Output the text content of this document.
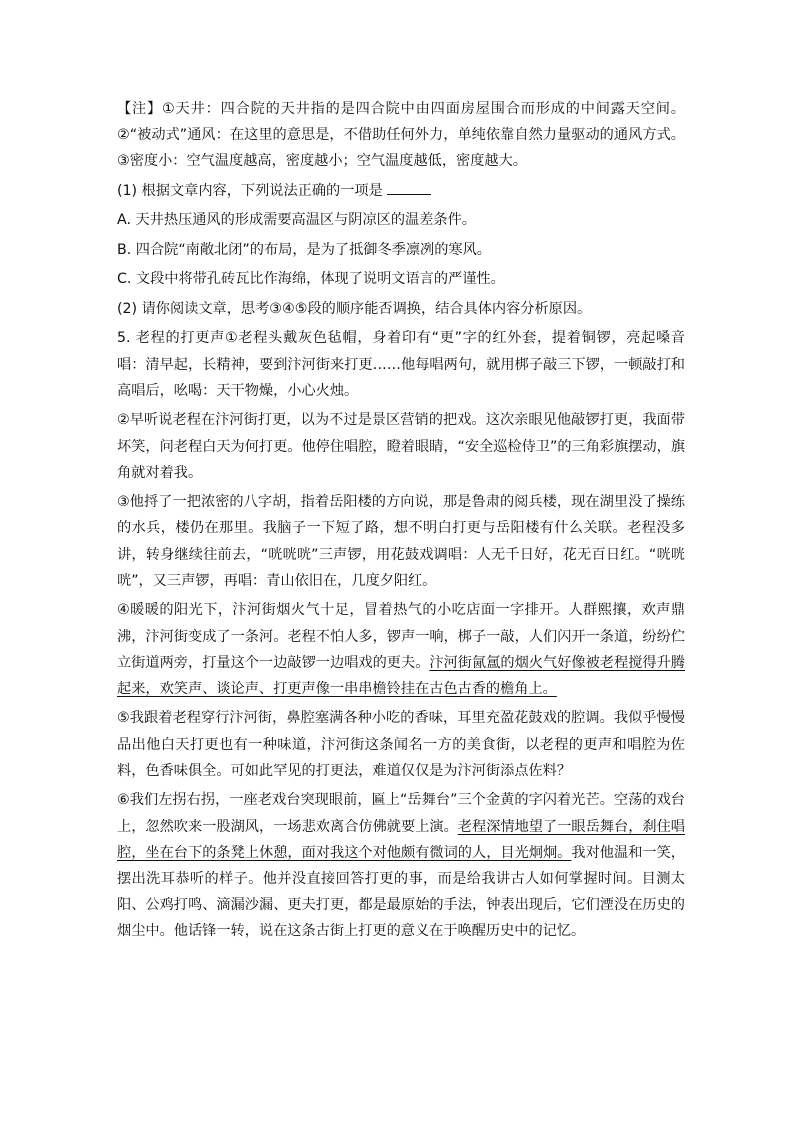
【注】①天井：四合院的天井指的是四合院中由四面房屋围合而形成的中间露天空间。②“被动式”通风：在这里的意思是，不借助任何外力，单纯依靠自然力量驱动的通风方式。③密度小：空气温度越高，密度越小；空气温度越低，密度越大。

(1) 根据文章内容，下列说法正确的一项是

A. 天井热压通风的形成需要高温区与阴凉区的温差条件。

B. 四合院“南敞北闭”的布局，是为了抵御冬季凛冽的寒风。

C. 文段中将带孔砖瓦比作海绵，体现了说明文语言的严谨性。

(2) 请你阅读文章，思考③④⑤段的顺序能否调换，结合具体内容分析原因。

5. 老程的打更声①老程头戴灰色毡帽，身着印有“更”字的红外套，提着铜锣，亮起嗓音唱：清早起，长精神，要到汴河街来打更……他每唱两句，就用梆子敲三下锣，一顿敲打和高唱后，吆喝：天干物燥，小心火烛。

②早听说老程在汴河街打更，以为不过是景区营销的把戏。这次亲眼见他敲锣打更，我面带坏笑，问老程白天为何打更。他停住唱腔，瞪着眼睛，“安全巡检侍卫”的三角彩旗摆动，旗角就对着我。

③他捋了一把浓密的八字胡，指着岳阳楼的方向说，那是鲁肃的阅兵楼，现在湖里没了操练的水兵，楼仍在那里。我脑子一下短了路，想不明白打更与岳阳楼有什么关联。老程没多讲，转身继续往前去，“咣咣咣”三声锣，用花鼓戏调唱：人无千日好，花无百日红。“咣咣咣”，又三声锣，再唱：青山依旧在，几度夕阳红。

④暖暖的阳光下，汴河街烟火气十足，冒着热气的小吃店面一字排开。人群熙攘，欢声鼎沸，汴河街变成了一条河。老程不怕人多，锣声一响，梆子一敲，人们闪开一条道，纷纷伫立街道两旁，打量这个一边敲锣一边唱戏的更夫。汴河街氤氲的烟火气好像被老程搅得升腾起来，欢笑声、谈论声、打更声像一串串檐铃挂在古色古香的檐角上。

⑤我跟着老程穿行汴河街，鼻腔塞满各种小吃的香味，耳里充盈花鼓戏的腔调。我似乎慢慢品出他白天打更也有一种味道，汴河街这条闻名一方的美食街，以老程的更声和唱腔为佐料，色香味俱全。可如此罕见的打更法，难道仅仅是为汴河街添点佐料？

⑥我们左拐右拐，一座老戏台突现眼前，匾上“岳舞台”三个金黄的字闪着光芒。空荡的戏台上，忽然吹来一股湖风，一场悲欢离合仿佛就要上演。老程深情地望了一眼岳舞台，刹住唱腔，坐在台下的条凳上休憩，面对我这个对他颇有微词的人，目光炯炯。我对他温和一笑，摆出洗耳恭听的样子。他并没直接回答打更的事，而是给我讲古人如何掌握时间。目测太阳、公鸡打鸣、滴漏沙漏、更夫打更，都是最原始的手法，钟表出现后，它们湮没在历史的烟尘中。他话锋一转，说在这条古街上打更的意义在于唤醒历史中的记忆。
